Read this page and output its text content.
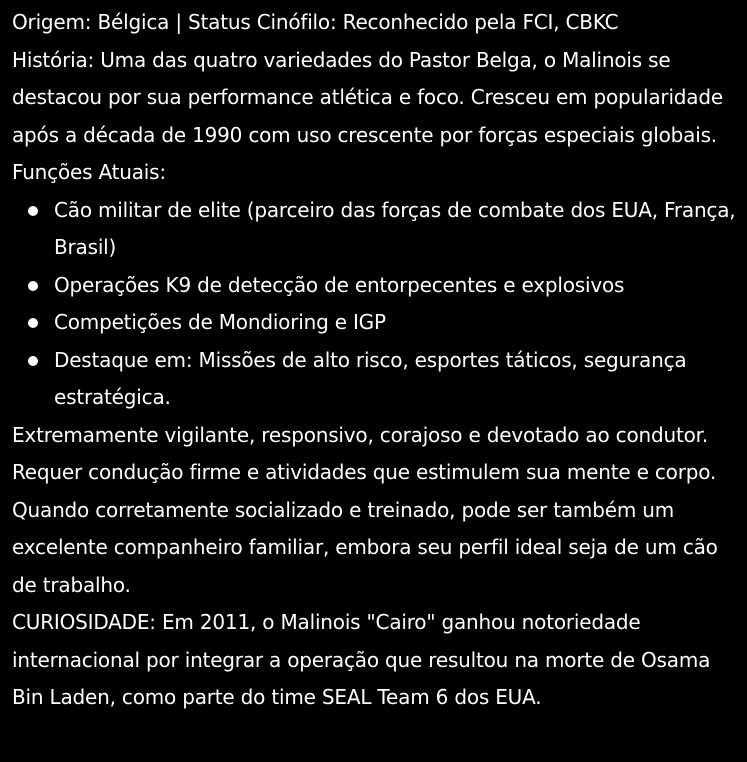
Origem: Bélgica | Status Cinófilo: Reconhecido pela FCI, CBKC

História: Uma das quatro variedades do Pastor Belga, o Malinois se destacou por sua performance atlética e foco. Cresceu em popularidade após a década de 1990 com uso crescente por forças especiais globais.

Funções Atuais:

Cão militar de elite (parceiro das forças de combate dos EUA, França, Brasil)
Operações K9 de detecção de entorpecentes e explosivos
Competições de Mondioring e IGP
Destaque em: Missões de alto risco, esportes táticos, segurança estratégica.

Extremamente vigilante, responsivo, corajoso e devotado ao condutor. Requer condução firme e atividades que estimulem sua mente e corpo. Quando corretamente socializado e treinado, pode ser também um excelente companheiro familiar, embora seu perfil ideal seja de um cão de trabalho.

CURIOSIDADE: Em 2011, o Malinois "Cairo" ganhou notoriedade internacional por integrar a operação que resultou na morte de Osama Bin Laden, como parte do time SEAL Team 6 dos EUA.
